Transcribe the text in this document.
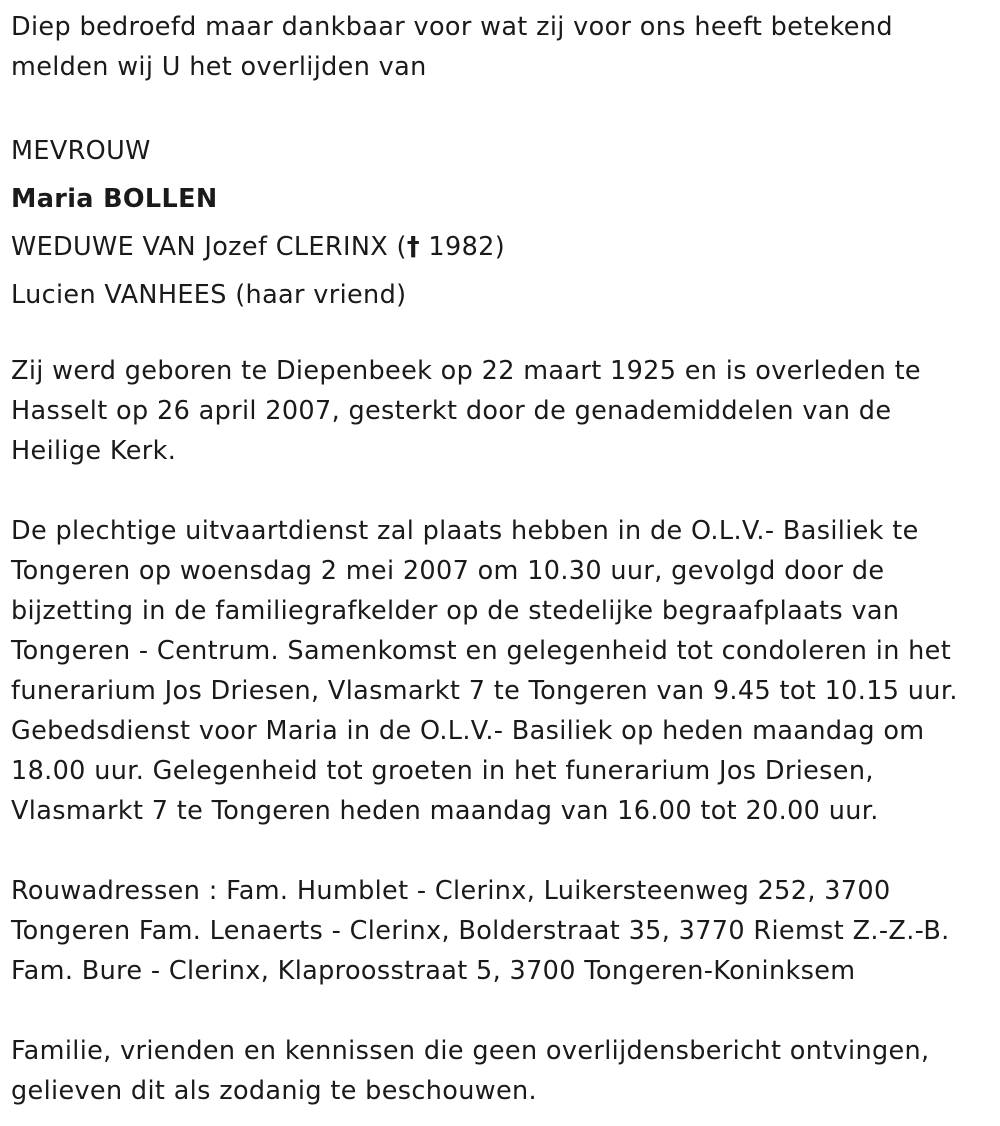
Diep bedroefd maar dankbaar voor wat zij voor ons heeft betekend
melden wij U het overlijden van
MEVROUW
Maria BOLLEN
WEDUWE VAN Jozef CLERINX († 1982)
Lucien VANHEES (haar vriend)
Zij werd geboren te Diepenbeek op 22 maart 1925 en is overleden te
Hasselt op 26 april 2007, gesterkt door de genademiddelen van de
Heilige Kerk.
De plechtige uitvaartdienst zal plaats hebben in de O.L.V.- Basiliek te
Tongeren op woensdag 2 mei 2007 om 10.30 uur, gevolgd door de
bijzetting in de familiegrafkelder op de stedelijke begraafplaats van
Tongeren - Centrum. Samenkomst en gelegenheid tot condoleren in het
funerarium Jos Driesen, Vlasmarkt 7 te Tongeren van 9.45 tot 10.15 uur.
Gebedsdienst voor Maria in de O.L.V.- Basiliek op heden maandag om
18.00 uur. Gelegenheid tot groeten in het funerarium Jos Driesen,
Vlasmarkt 7 te Tongeren heden maandag van 16.00 tot 20.00 uur.
Rouwadressen : Fam. Humblet - Clerinx, Luikersteenweg 252, 3700
Tongeren Fam. Lenaerts - Clerinx, Bolderstraat 35, 3770 Riemst Z.-Z.-B.
Fam. Bure - Clerinx, Klaproosstraat 5, 3700 Tongeren-Koninksem
Familie, vrienden en kennissen die geen overlijdensbericht ontvingen,
gelieven dit als zodanig te beschouwen.
